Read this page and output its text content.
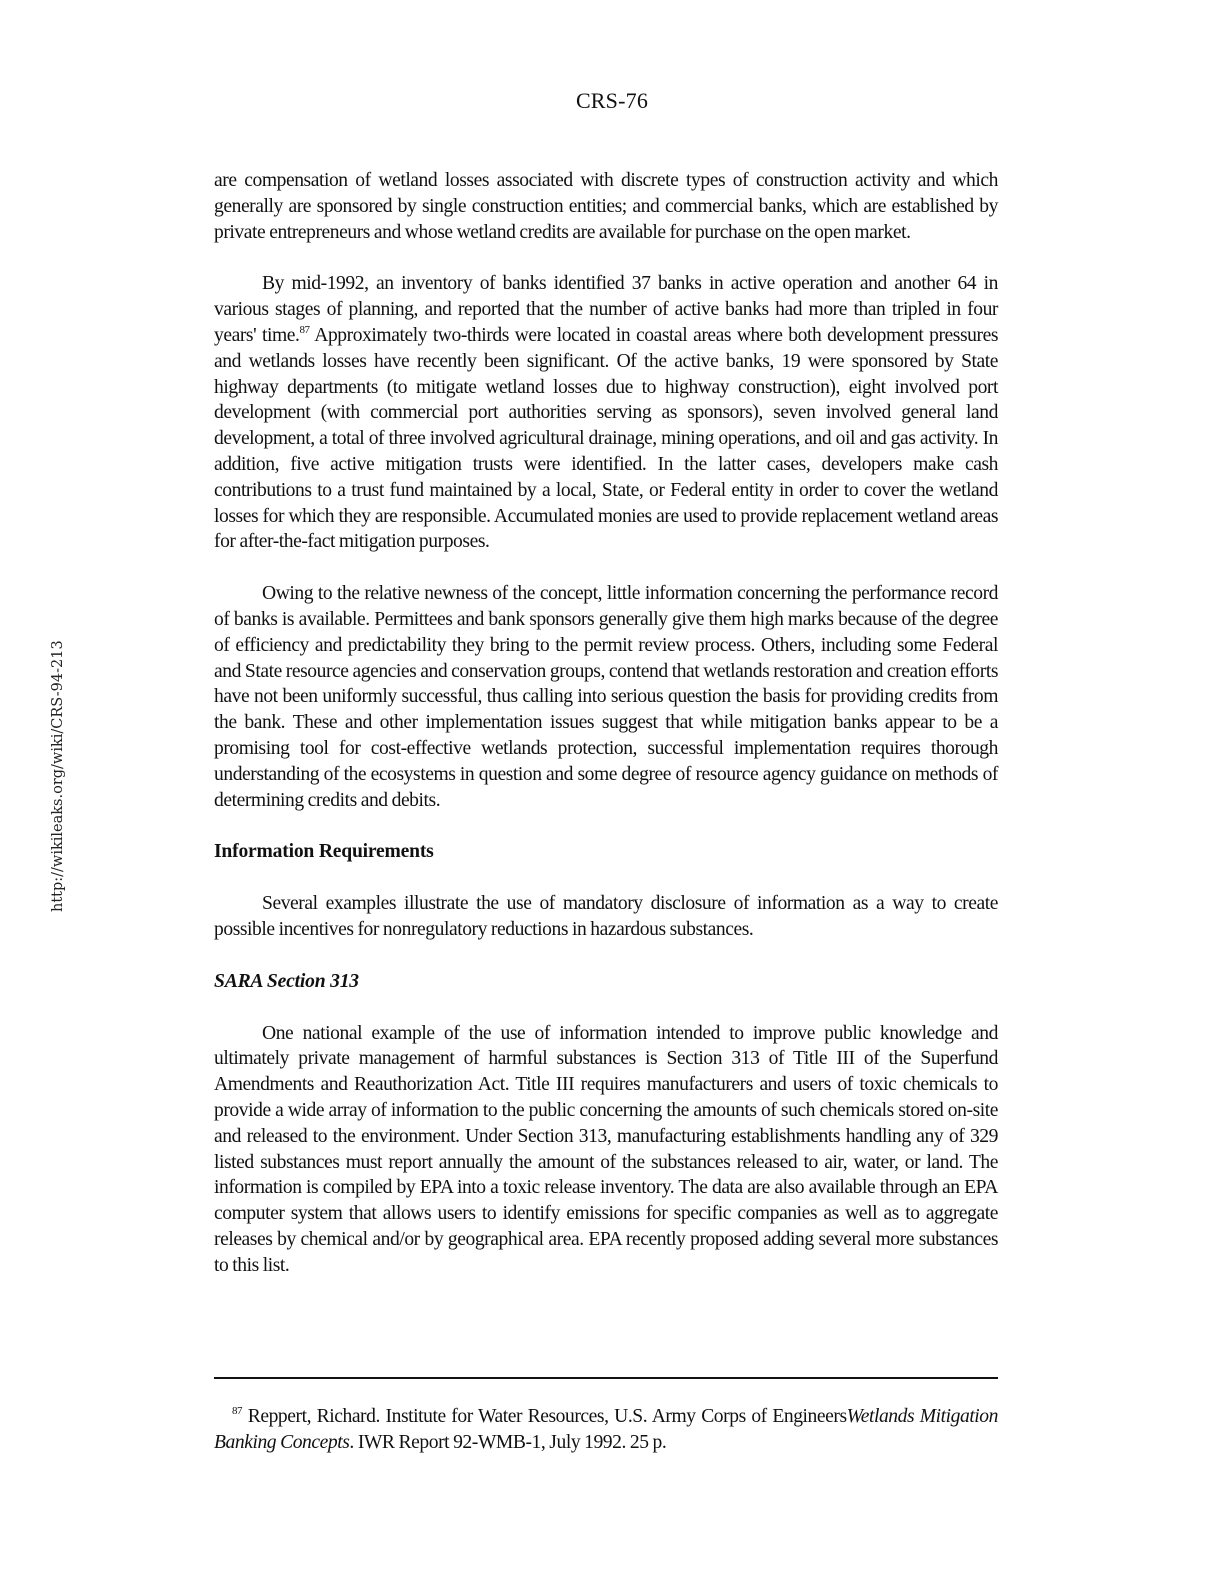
CRS-76
http://wikileaks.org/wiki/CRS-94-213

are compensation of wetland losses associated with discrete types of construction activity and which generally are sponsored by single construction entities; and commercial banks, which are established by private entrepreneurs and whose wetland credits are available for purchase on the open market.

By mid-1992, an inventory of banks identified 37 banks in active operation and another 64 in various stages of planning, and reported that the number of active banks had more than tripled in four years' time.$^{87}$ Approximately two-thirds were located in coastal areas where both development pressures and wetlands losses have recently been significant. Of the active banks, 19 were sponsored by State highway departments (to mitigate wetland losses due to highway construction), eight involved port development (with commercial port authorities serving as sponsors), seven involved general land development, a total of three involved agricultural drainage, mining operations, and oil and gas activity. In addition, five active mitigation trusts were identified. In the latter cases, developers make cash contributions to a trust fund maintained by a local, State, or Federal entity in order to cover the wetland losses for which they are responsible. Accumulated monies are used to provide replacement wetland areas for after-the-fact mitigation purposes.

Owing to the relative newness of the concept, little information concerning the performance record of banks is available. Permittees and bank sponsors generally give them high marks because of the degree of efficiency and predictability they bring to the permit review process. Others, including some Federal and State resource agencies and conservation groups, contend that wetlands restoration and creation efforts have not been uniformly successful, thus calling into serious question the basis for providing credits from the bank. These and other implementation issues suggest that while mitigation banks appear to be a promising tool for cost-effective wetlands protection, successful implementation requires thorough understanding of the ecosystems in question and some degree of resource agency guidance on methods of determining credits and debits.

Information Requirements

Several examples illustrate the use of mandatory disclosure of information as a way to create possible incentives for nonregulatory reductions in hazardous substances.

SARA Section 313

One national example of the use of information intended to improve public knowledge and ultimately private management of harmful substances is Section 313 of Title III of the Superfund Amendments and Reauthorization Act. Title III requires manufacturers and users of toxic chemicals to provide a wide array of information to the public concerning the amounts of such chemicals stored on-site and released to the environment. Under Section 313, manufacturing establishments handling any of 329 listed substances must report annually the amount of the substances released to air, water, or land. The information is compiled by EPA into a toxic release inventory. The data are also available through an EPA computer system that allows users to identify emissions for specific companies as well as to aggregate releases by chemical and/or by geographical area. EPA recently proposed adding several more substances to this list.

$^{87}$ Reppert, Richard. Institute for Water Resources, U.S. Army Corps of EngineersWetlands Mitigation Banking Concepts. IWR Report 92-WMB-1, July 1992. 25 p.
